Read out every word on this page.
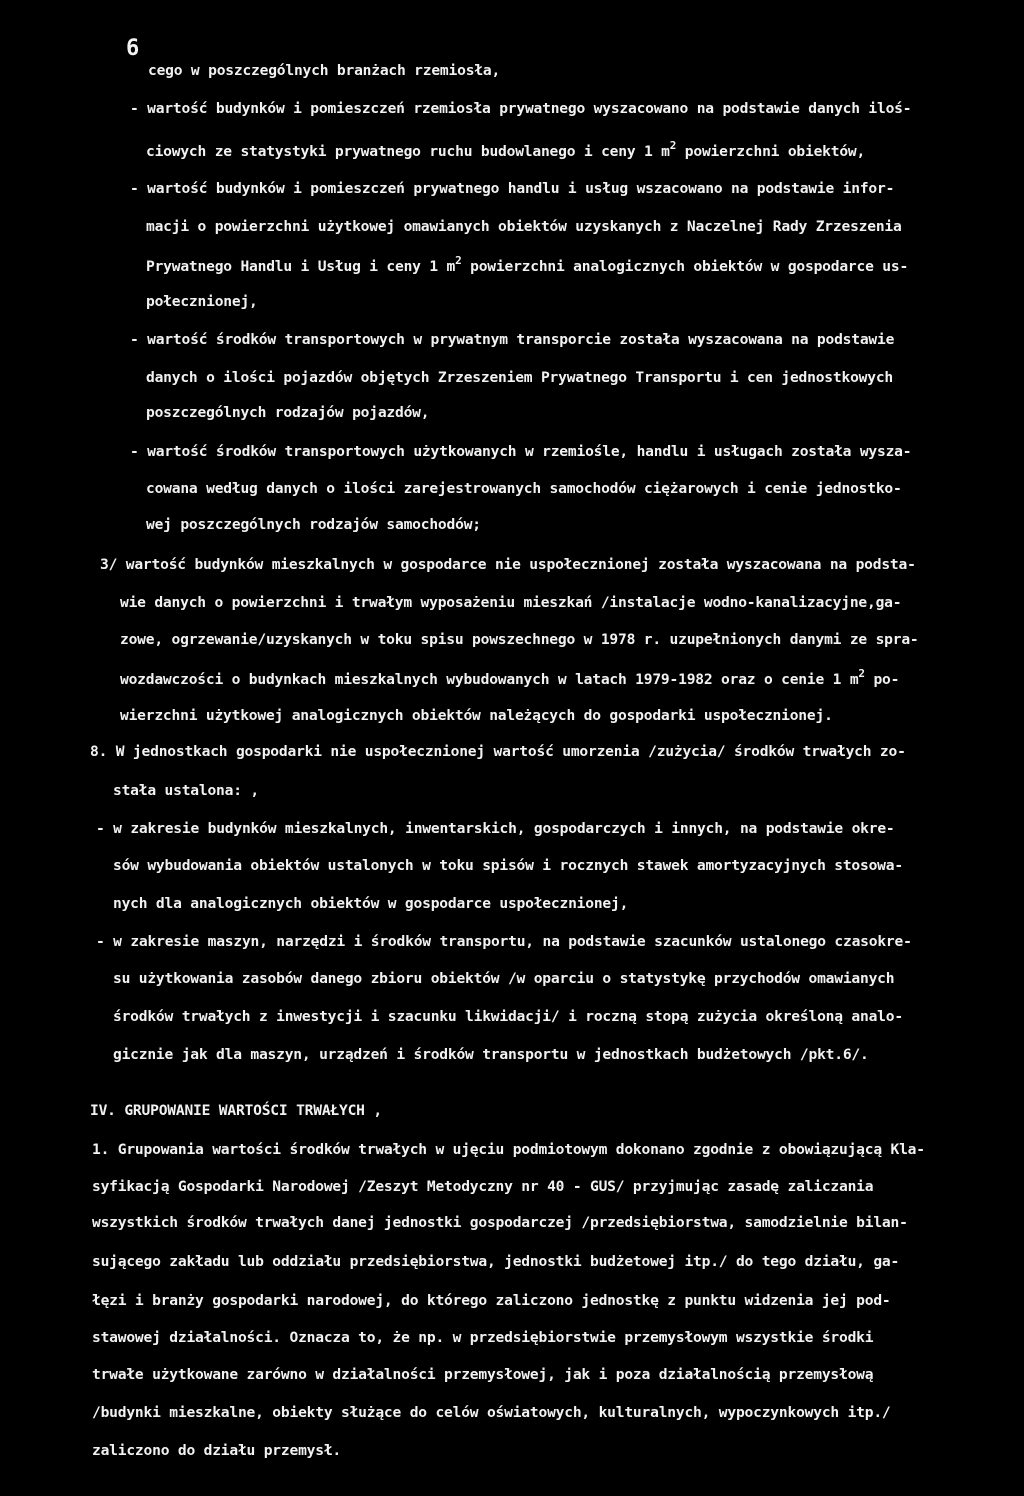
6
cego w poszczególnych branżach rzemiosła,
- wartość budynków i pomieszczeń rzemiosła prywatnego wyszacowano na podstawie danych iloś-
ciowych ze statystyki prywatnego ruchu budowlanego i ceny 1 $m^2$ powierzchni obiektów,
- wartość budynków i pomieszczeń prywatnego handlu i usług wszacowano na podstawie infor-
macji o powierzchni użytkowej omawianych obiektów uzyskanych z Naczelnej Rady Zrzeszenia
Prywatnego Handlu i Usług i ceny 1 $m^2$ powierzchni analogicznych obiektów w gospodarce us-
połecznionej,
- wartość środków transportowych w prywatnym transporcie została wyszacowana na podstawie
danych o ilości pojazdów objętych Zrzeszeniem Prywatnego Transportu i cen jednostkowych
poszczególnych rodzajów pojazdów,
- wartość środków transportowych użytkowanych w rzemiośle, handlu i usługach została wysza-
cowana według danych o ilości zarejestrowanych samochodów ciężarowych i cenie jednostko-
wej poszczególnych rodzajów samochodów;
3/ wartość budynków mieszkalnych w gospodarce nie uspołecznionej została wyszacowana na podsta-
wie danych o powierzchni i trwałym wyposażeniu mieszkań /instalacje wodno-kanalizacyjne,ga-
zowe, ogrzewanie/uzyskanych w toku spisu powszechnego w 1978 r. uzupełnionych danymi ze spra-
wozdawczości o budynkach mieszkalnych wybudowanych w latach 1979-1982 oraz o cenie 1 $m^2$ po-
wierzchni użytkowej analogicznych obiektów należących do gospodarki uspołecznionej.
8. W jednostkach gospodarki nie uspołecznionej wartość umorzenia /zużycia/ środków trwałych zo-
stała ustalona: ,
- w zakresie budynków mieszkalnych, inwentarskich, gospodarczych i innych, na podstawie okre-
sów wybudowania obiektów ustalonych w toku spisów i rocznych stawek amortyzacyjnych stosowa-
nych dla analogicznych obiektów w gospodarce uspołecznionej,
- w zakresie maszyn, narzędzi i środków transportu, na podstawie szacunków ustalonego czasokre-
su użytkowania zasobów danego zbioru obiektów /w oparciu o statystykę przychodów omawianych
środków trwałych z inwestycji i szacunku likwidacji/ i roczną stopą zużycia określoną analo-
gicznie jak dla maszyn, urządzeń i środków transportu w jednostkach budżetowych /pkt.6/.
IV. GRUPOWANIE WARTOŚCI TRWAŁYCH ,
1. Grupowania wartości środków trwałych w ujęciu podmiotowym dokonano zgodnie z obowiązującą Kla-
syfikacją Gospodarki Narodowej /Zeszyt Metodyczny nr 40 - GUS/ przyjmując zasadę zaliczania
wszystkich środków trwałych danej jednostki gospodarczej /przedsiębiorstwa, samodzielnie bilan-
sującego zakładu lub oddziału przedsiębiorstwa, jednostki budżetowej itp./ do tego działu, ga-
łęzi i branży gospodarki narodowej, do którego zaliczono jednostkę z punktu widzenia jej pod-
stawowej działalności. Oznacza to, że np. w przedsiębiorstwie przemysłowym wszystkie środki
trwałe użytkowane zarówno w działalności przemysłowej, jak i poza działalnością przemysłową
/budynki mieszkalne, obiekty służące do celów oświatowych, kulturalnych, wypoczynkowych itp./
zaliczono do działu przemysł.
